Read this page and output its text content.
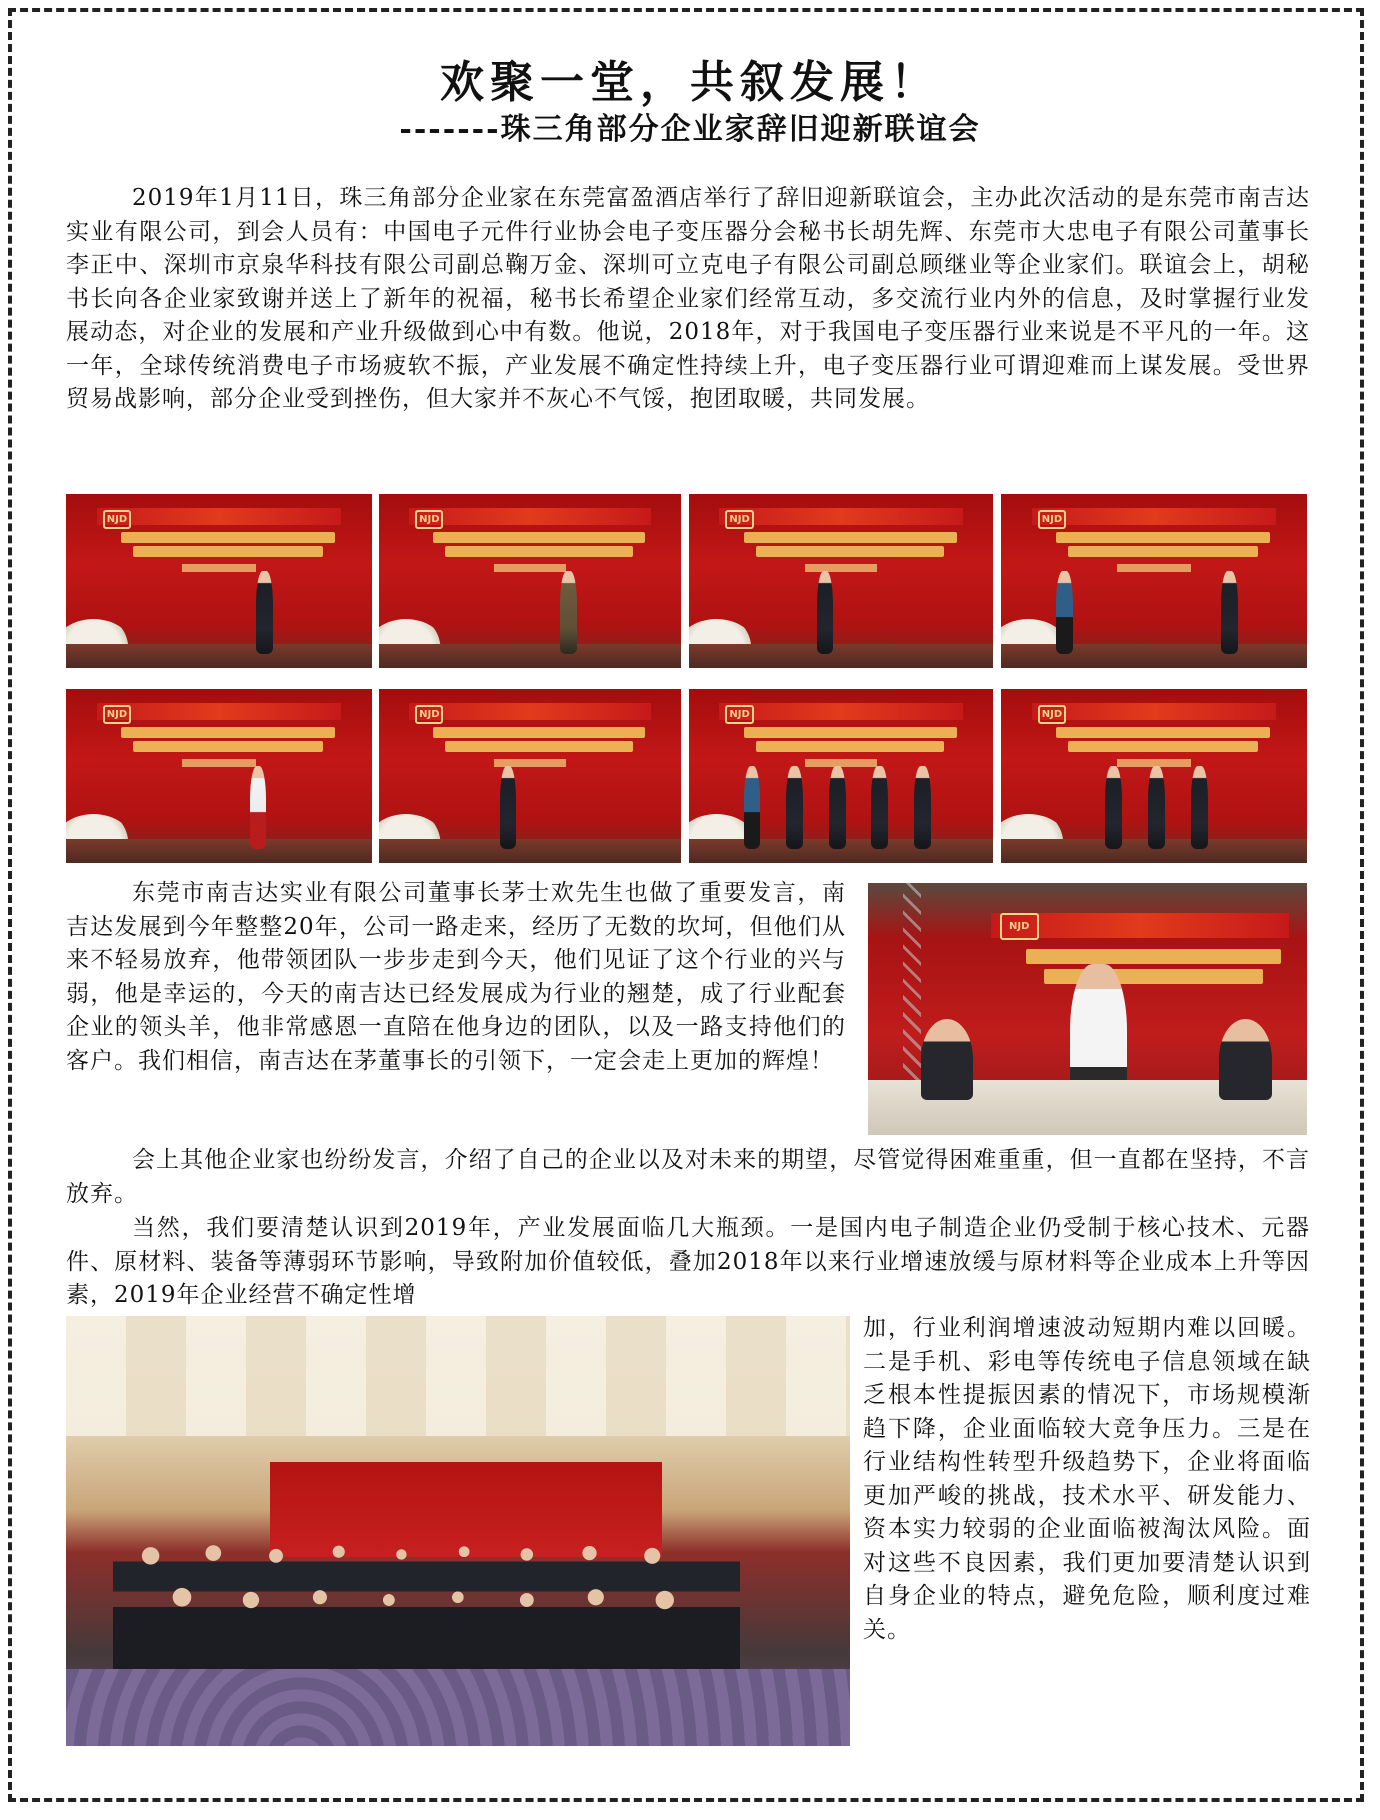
欢聚一堂，共叙发展！
-------珠三角部分企业家辞旧迎新联谊会

2019年1月11日，珠三角部分企业家在东莞富盈酒店举行了辞旧迎新联谊会，主办此次活动的是东莞市南吉达实业有限公司，到会人员有：中国电子元件行业协会电子变压器分会秘书长胡先辉、东莞市大忠电子有限公司董事长李正中、深圳市京泉华科技有限公司副总鞠万金、深圳可立克电子有限公司副总顾继业等企业家们。联谊会上，胡秘书长向各企业家致谢并送上了新年的祝福，秘书长希望企业家们经常互动，多交流行业内外的信息，及时掌握行业发展动态，对企业的发展和产业升级做到心中有数。他说，2018年，对于我国电子变压器行业来说是不平凡的一年。这一年，全球传统消费电子市场疲软不振，产业发展不确定性持续上升，电子变压器行业可谓迎难而上谋发展。受世界贸易战影响，部分企业受到挫伤，但大家并不灰心不气馁，抱团取暖，共同发展。

NJD	NJD	NJD	NJD
NJD	NJD	NJD	NJD
NJD

东莞市南吉达实业有限公司董事长茅士欢先生也做了重要发言，南吉达发展到今年整整20年，公司一路走来，经历了无数的坎坷，但他们从来不轻易放弃，他带领团队一步步走到今天，他们见证了这个行业的兴与弱，他是幸运的，今天的南吉达已经发展成为行业的翘楚，成了行业配套企业的领头羊，他非常感恩一直陪在他身边的团队，以及一路支持他们的客户。我们相信，南吉达在茅董事长的引领下，一定会走上更加的辉煌！

会上其他企业家也纷纷发言，介绍了自己的企业以及对未来的期望，尽管觉得困难重重，但一直都在坚持，不言放弃。

当然，我们要清楚认识到2019年，产业发展面临几大瓶颈。一是国内电子制造企业仍受制于核心技术、元器件、原材料、装备等薄弱环节影响，导致附加价值较低，叠加2018年以来行业增速放缓与原材料等企业成本上升等因素，2019年企业经营不确定性增

加，行业利润增速波动短期内难以回暖。二是手机、彩电等传统电子信息领域在缺乏根本性提振因素的情况下，市场规模渐趋下降，企业面临较大竞争压力。三是在行业结构性转型升级趋势下，企业将面临更加严峻的挑战，技术水平、研发能力、资本实力较弱的企业面临被淘汰风险。面对这些不良因素，我们更加要清楚认识到自身企业的特点，避免危险，顺利度过难关。
